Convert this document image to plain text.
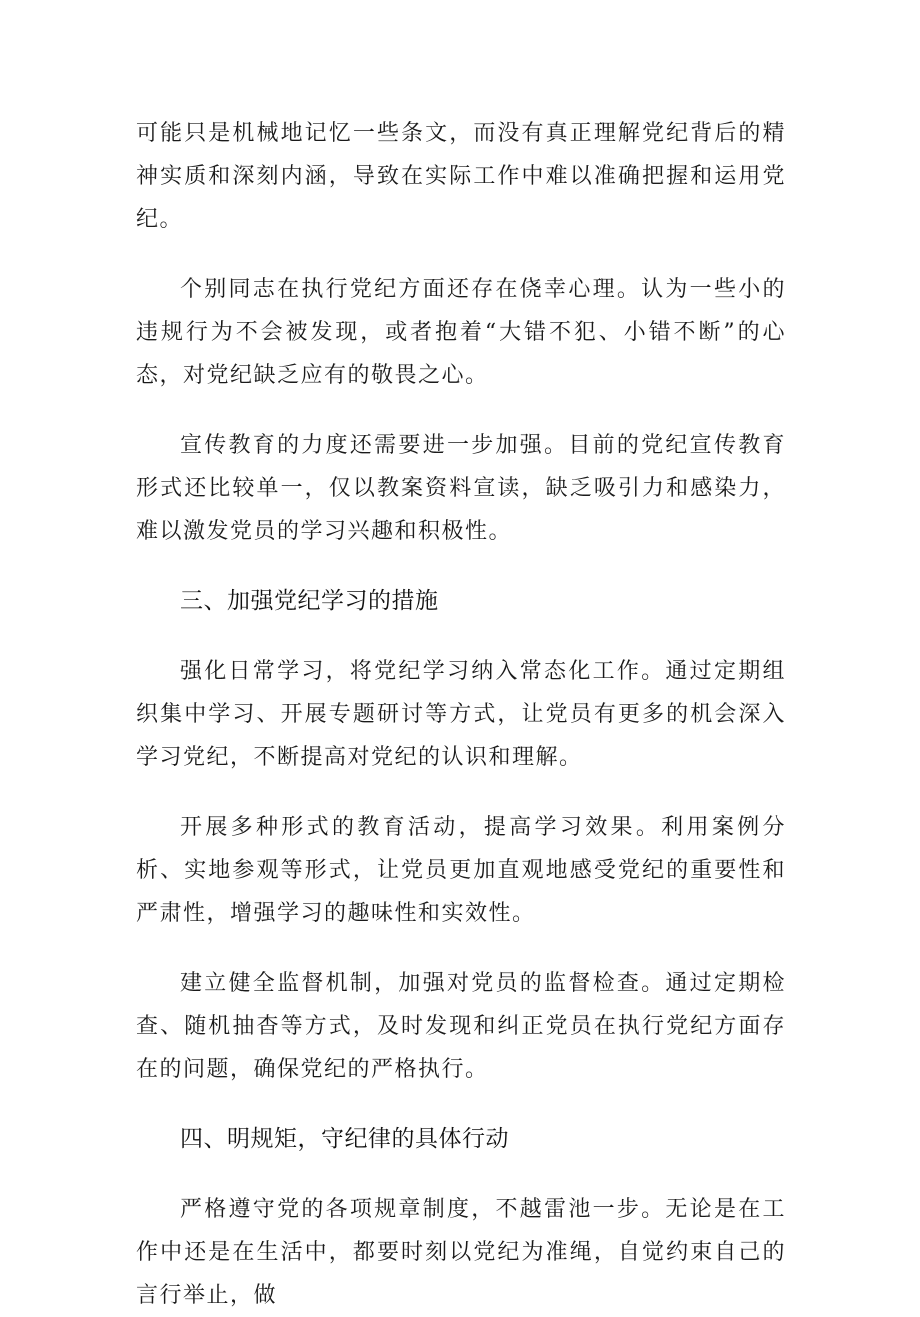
可能只是机械地记忆一些条文，而没有真正理解党纪背后的精神实质和深刻内涵，导致在实际工作中难以准确把握和运用党纪。

个别同志在执行党纪方面还存在侥幸心理。认为一些小的违规行为不会被发现，或者抱着“大错不犯、小错不断”的心态，对党纪缺乏应有的敬畏之心。

宣传教育的力度还需要进一步加强。目前的党纪宣传教育形式还比较单一，仅以教案资料宣读，缺乏吸引力和感染力，难以激发党员的学习兴趣和积极性。

三、加强党纪学习的措施

强化日常学习，将党纪学习纳入常态化工作。通过定期组织集中学习、开展专题研讨等方式，让党员有更多的机会深入学习党纪，不断提高对党纪的认识和理解。

开展多种形式的教育活动，提高学习效果。利用案例分析、实地参观等形式，让党员更加直观地感受党纪的重要性和严肃性，增强学习的趣味性和实效性。

建立健全监督机制，加强对党员的监督检查。通过定期检查、随机抽杳等方式，及时发现和纠正党员在执行党纪方面存在的问题，确保党纪的严格执行。

四、明规矩，守纪律的具体行动

严格遵守党的各项规章制度，不越雷池一步。无论是在工作中还是在生活中，都要时刻以党纪为准绳，自觉约束自己的言行举止，做
